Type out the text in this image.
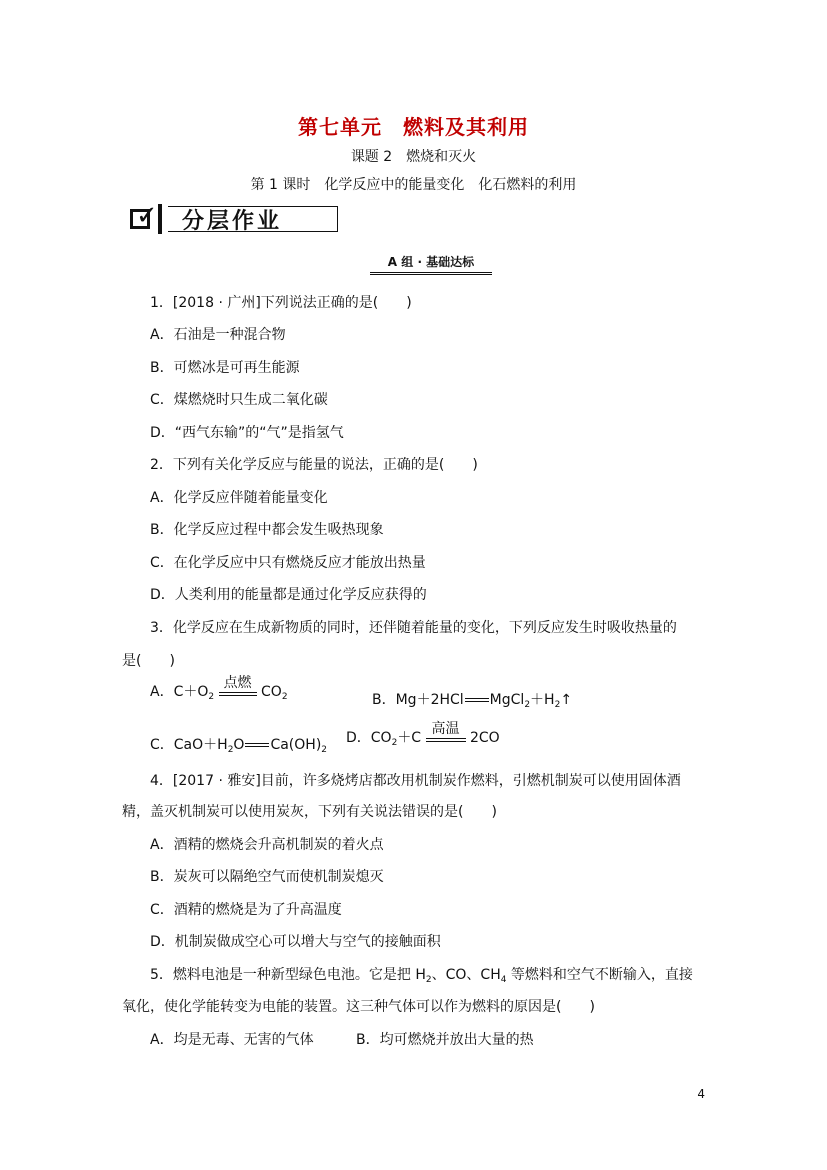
第七单元　燃料及其利用
课题 2　燃烧和灭火
第 1 课时　化学反应中的能量变化　化石燃料的利用
✓	分层作业
A 组 · 基础达标
1．[2018 · 广州]下列说法正确的是(　　)
A．石油是一种混合物
B．可燃冰是可再生能源
C．煤燃烧时只生成二氧化碳
D．“西气东输”的“气”是指氢气
2．下列有关化学反应与能量的说法，正确的是(　　)
A．化学反应伴随着能量变化
B．化学反应过程中都会发生吸热现象
C．在化学反应中只有燃烧反应才能放出热量
D．人类利用的能量都是通过化学反应获得的
3．化学反应在生成新物质的同时，还伴随着能量的变化，下列反应发生时吸收热量的
是(　　)
A．$C+O_2$
点燃
$CO_2$	B．Mg＋2HCl $MgCl_2+H_2↑$
C．$CaO+H_2O$ $Ca(OH)_2$
D．$CO_2+C$
高温
2CO
4．[2017 · 雅安]目前，许多烧烤店都改用机制炭作燃料，引燃机制炭可以使用固体酒
精，盖灭机制炭可以使用炭灰，下列有关说法错误的是(　　)
A．酒精的燃烧会升高机制炭的着火点
B．炭灰可以隔绝空气而使机制炭熄灭
C．酒精的燃烧是为了升高温度
D．机制炭做成空心可以增大与空气的接触面积
5．燃料电池是一种新型绿色电池。它是把 $H_2$、CO、$CH_4$ 等燃料和空气不断输入，直接
氧化，使化学能转变为电能的装置。这三种气体可以作为燃料的原因是(　　)
A．均是无毒、无害的气体	B．均可燃烧并放出大量的热
4
